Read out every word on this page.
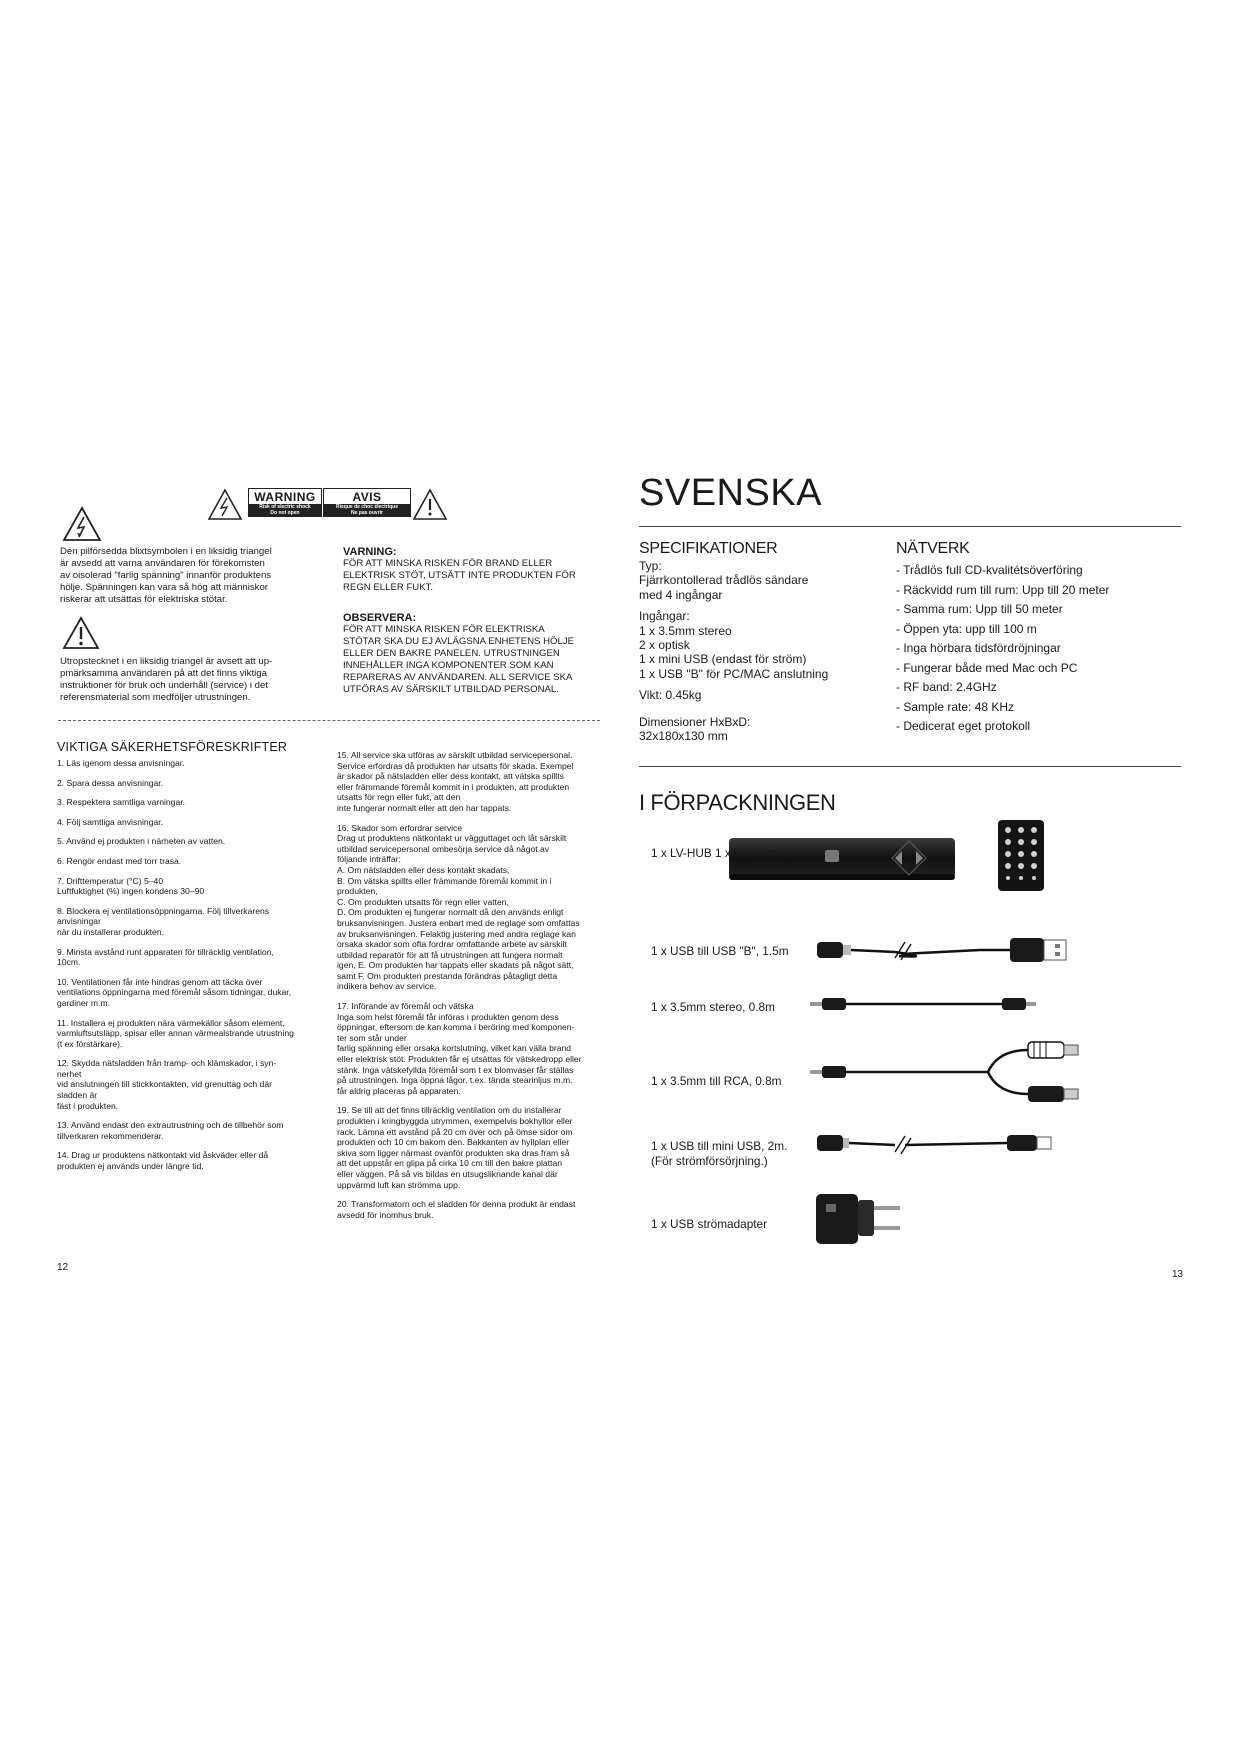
WARNING
Risk of electric shock
Do not open
AVIS
Risque de choc électrique
Ne pas ouvrir
Den pilförsedda blixtsymbolen i en liksidig triangel
är avsedd att varna användaren för förekomsten
av oisolerad "farlig spänning" innanför produktens
hölje. Spänningen kan vara så hög att människor
riskerar att utsättas för elektriska stötar.
Utropstecknet i en liksidig triangel är avsett att up-
pmärksamma användaren på att det finns viktiga
instruktioner för bruk och underhåll (service) i det
referensmaterial som medföljer utrustningen.
VARNING:
FÖR ATT MINSKA RISKEN FÖR BRAND ELLER
ELEKTRISK STÖT, UTSÄTT INTE PRODUKTEN FÖR
REGN ELLER FUKT.
OBSERVERA:
FÖR ATT MINSKA RISKEN FÖR ELEKTRISKA
STÖTAR SKA DU EJ AVLÄGSNA ENHETENS HÖLJE
ELLER DEN BAKRE PANELEN. UTRUSTNINGEN
INNEHÅLLER INGA KOMPONENTER SOM KAN
REPARERAS AV ANVÄNDAREN. ALL SERVICE SKA
UTFÖRAS AV SÄRSKILT UTBILDAD PERSONAL.
VIKTIGA SÄKERHETSFÖRESKRIFTER

1. Läs igenom dessa anvisningar.

2. Spara dessa anvisningar.

3. Respektera samtliga varningar.

4. Följ samtliga anvisningar.

5. Använd ej produkten i närheten av vatten.

6. Rengör endast med torr trasa.

7. Drifttemperatur (°C) 5–40
Luftfuktighet (%) ingen kondens 30–90

8. Blockera ej ventilationsöppningarna. Följ tillverkarens
anvisningar
när du installerar produkten.

9. Minsta avstånd runt apparaten för tillräcklig ventilation,
10cm.

10. Ventilationen får inte hindras genom att täcka över
ventilations öppningarna med föremål såsom tidningar, dukar,
gardiner m.m.

11. Installera ej produkten nära värmekällor såsom element,
varmluftsutsläpp, spisar eller annan värmealstrande utrustning
(t ex förstärkare).

12. Skydda nätsladden från tramp- och klämskador, i syn-
nerhet
vid anslutningen till stickkontakten, vid grenuttag och där
sladden är
fäst i produkten.

13. Använd endast den extrautrustning och de tillbehör som
tillverkaren rekommenderar.

14. Drag ur produktens nätkontakt vid åskväder eller då
produkten ej används under längre tid.

15. All service ska utföras av särskilt utbildad servicepersonal.
Service erfordras då produkten har utsatts för skada. Exempel
är skador på nätsladden eller dess kontakt, att vätska spillts
eller främmande föremål kommit in i produkten, att produkten
utsatts för regn eller fukt, att den
inte fungerar normalt eller att den har tappats.

16. Skador som erfordrar service
Drag ut produktens nätkontakt ur vägguttaget och låt särskilt
utbildad servicepersonal ombesörja service då något av
följande inträffar:
A. Om nätsladden eller dess kontakt skadats,
B. Om vätska spillts eller främmande föremål kommit in i
produkten,
C. Om produkten utsatts för regn eller vatten,
D. Om produkten ej fungerar normalt då den används enligt
bruksanvisningen. Justera enbart med de reglage som omfattas
av bruksanvisningen. Felaktig justering med andra reglage kan
orsaka skador som ofta fordrar omfattande arbete av särskilt
utbildad reparatör för att få utrustningen att fungera normalt
igen, E. Om produkten har tappats eller skadats på något sätt,
samt F. Om produkten prestanda förändras påtagligt detta
indikera behov av service.

17. Införande av föremål och vätska
Inga som helst föremål får införas i produkten genom dess
öppningar, eftersom de kan komma i beröring med komponen-
ter som står under
farlig spänning eller orsaka kortslutning, vilket kan välla brand
eller elektrisk stöt. Produkten får ej utsättas för vätskedropp eller
stänk. Inga vätskefyllda föremål som t ex blomvaser får ställas
på utrustningen. Inga öppna lågor, t.ex. tända stearinljus m.m.
får aldrig placeras på apparaten.

19. Se till att det finns tillräcklig ventilation om du installerar
produkten i kringbyggda utrymmen, exempelvis bokhyllor eller
rack. Lämna ett avstånd på 20 cm över och på ömse sidor om
produkten och 10 cm bakom den. Bakkanten av hyllplan eller
skiva som ligger närmast ovanför produkten ska dras fram så
att det uppstår en glipa på cirka 10 cm till den bakre plattan
eller väggen. På så vis bildas en utsugsliknande kanal där
uppvärmd luft kan strömma upp.

20. Transformatorn och el sladden för denna produkt är endast
avsedd för inomhus bruk.

12
SVENSKA
SPECIFIKATIONER

Typ:
Fjärrkontollerad trådlös sändare
med 4 ingångar

Ingångar:
1 x 3.5mm stereo
2 x optisk
1 x mini USB (endast för ström)
1 x USB "B" för PC/MAC anslutning

Vikt: 0.45kg

Dimensioner HxBxD:
32x180x130 mm

NÄTVERK
- Trådlös full CD-kvalitétsöverföring
- Räckvidd rum till rum: Upp till 20 meter
- Samma rum: Upp till 50 meter
- Öppen yta: upp till 100 m
- Inga hörbara tidsfördröjningar
- Fungerar både med Mac och PC
- RF band: 2.4GHz
- Sample rate: 48 KHz
- Dedicerat eget protokoll
I FÖRPACKNINGEN
1 x LV-HUB 1 x fjärrkontroll
1 x USB till USB "B", 1.5m
1 x 3.5mm stereo, 0.8m
1 x 3.5mm till RCA, 0.8m
1 x USB till mini USB, 2m.
(För strömförsörjning.)
1 x USB strömadapter
13
